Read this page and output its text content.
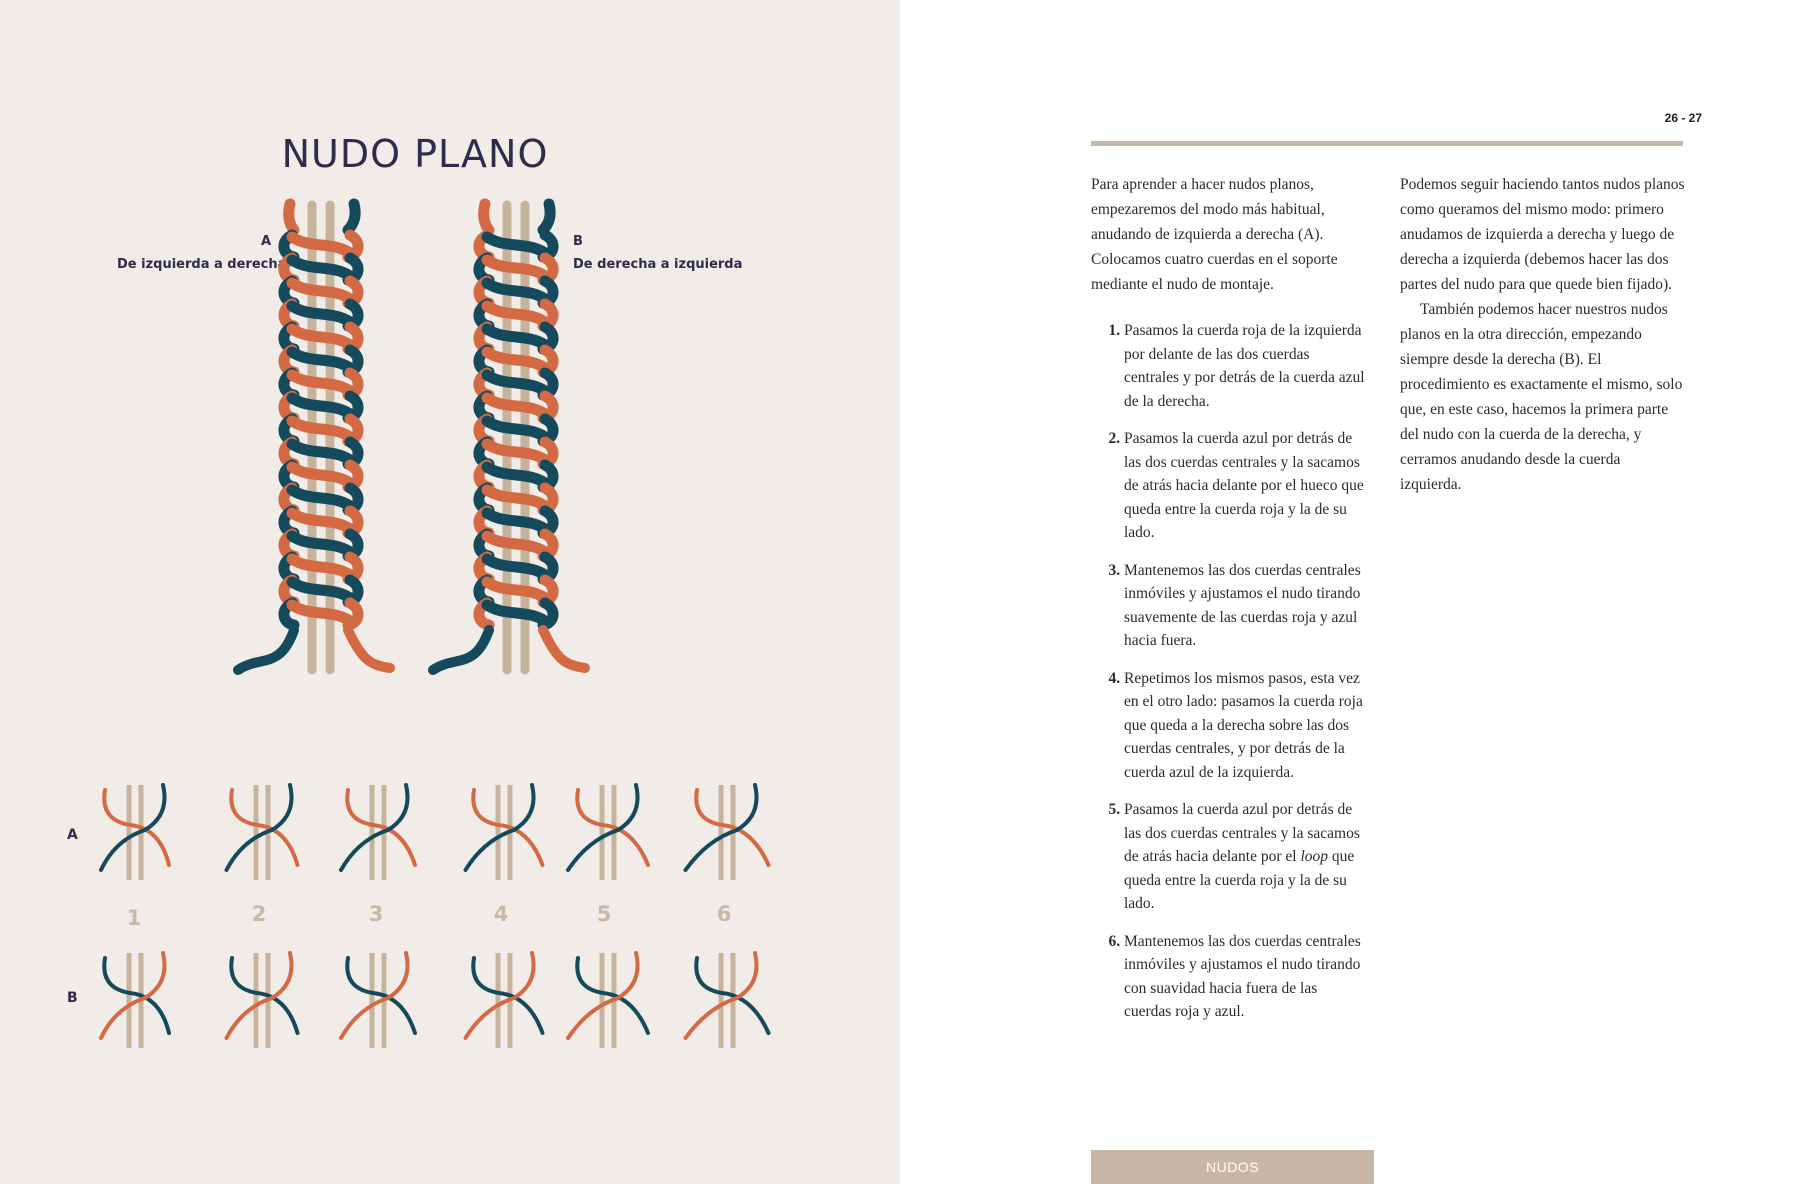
NUDO PLANO
A
De izquierda a derecha
B
De derecha a izquierda
A
B
1	2	3	4	5	6
26 - 27

Para aprender a hacer nudos planos, empezaremos del modo más habitual, anudando de izquierda a derecha (A). Colocamos cuatro cuerdas en el soporte mediante el nudo de montaje.

1. Pasamos la cuerda roja de la izquierda por delante de las dos cuerdas centrales y por detrás de la cuerda azul de la derecha.
2. Pasamos la cuerda azul por detrás de las dos cuerdas centrales y la sacamos de atrás hacia delante por el hueco que queda entre la cuerda roja y la de su lado.
3. Mantenemos las dos cuerdas centrales inmóviles y ajustamos el nudo tirando suavemente de las cuerdas roja y azul hacia fuera.
4. Repetimos los mismos pasos, esta vez en el otro lado: pasamos la cuerda roja que queda a la derecha sobre las dos cuerdas centrales, y por detrás de la cuerda azul de la izquierda.
5. Pasamos la cuerda azul por detrás de las dos cuerdas centrales y la sacamos de atrás hacia delante por el loop que queda entre la cuerda roja y la de su lado.
6. Mantenemos las dos cuerdas centrales inmóviles y ajustamos el nudo tirando con suavidad hacia fuera de las cuerdas roja y azul.

Podemos seguir haciendo tantos nudos planos como queramos del mismo modo: primero anudamos de izquierda a derecha y luego de derecha a izquierda (debemos hacer las dos partes del nudo para que quede bien fijado).

También podemos hacer nuestros nudos planos en la otra dirección, empezando siempre desde la derecha (B). El procedimiento es exactamente el mismo, solo que, en este caso, hacemos la primera parte del nudo con la cuerda de la derecha, y cerramos anudando desde la cuerda izquierda.

NUDOS
